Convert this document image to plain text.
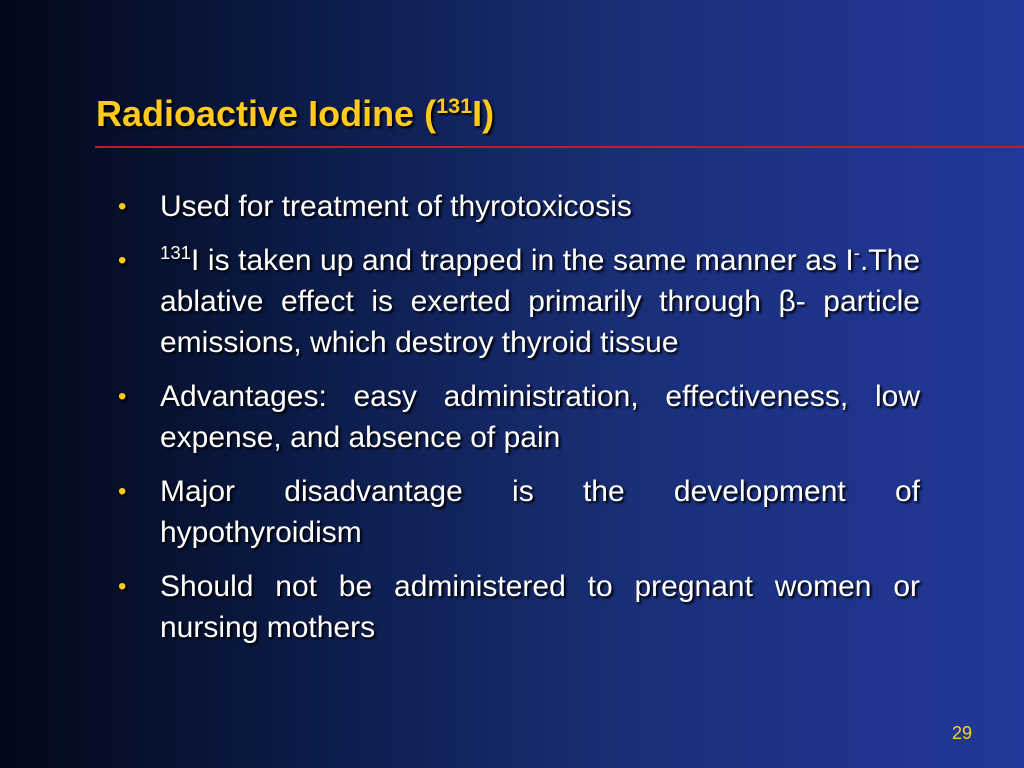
Radioactive Iodine ($^{131}$I)
•	Used for treatment of thyrotoxicosis
•	$^{131}$I is taken up and trapped in the same manner as I-.The ablative effect is exerted primarily through β- particle emissions, which destroy thyroid tissue
•	Advantages: easy administration, effectiveness, low expense, and absence of pain
•	Major disadvantage is the development of hypothyroidism
•	Should not be administered to pregnant women or nursing mothers
29
